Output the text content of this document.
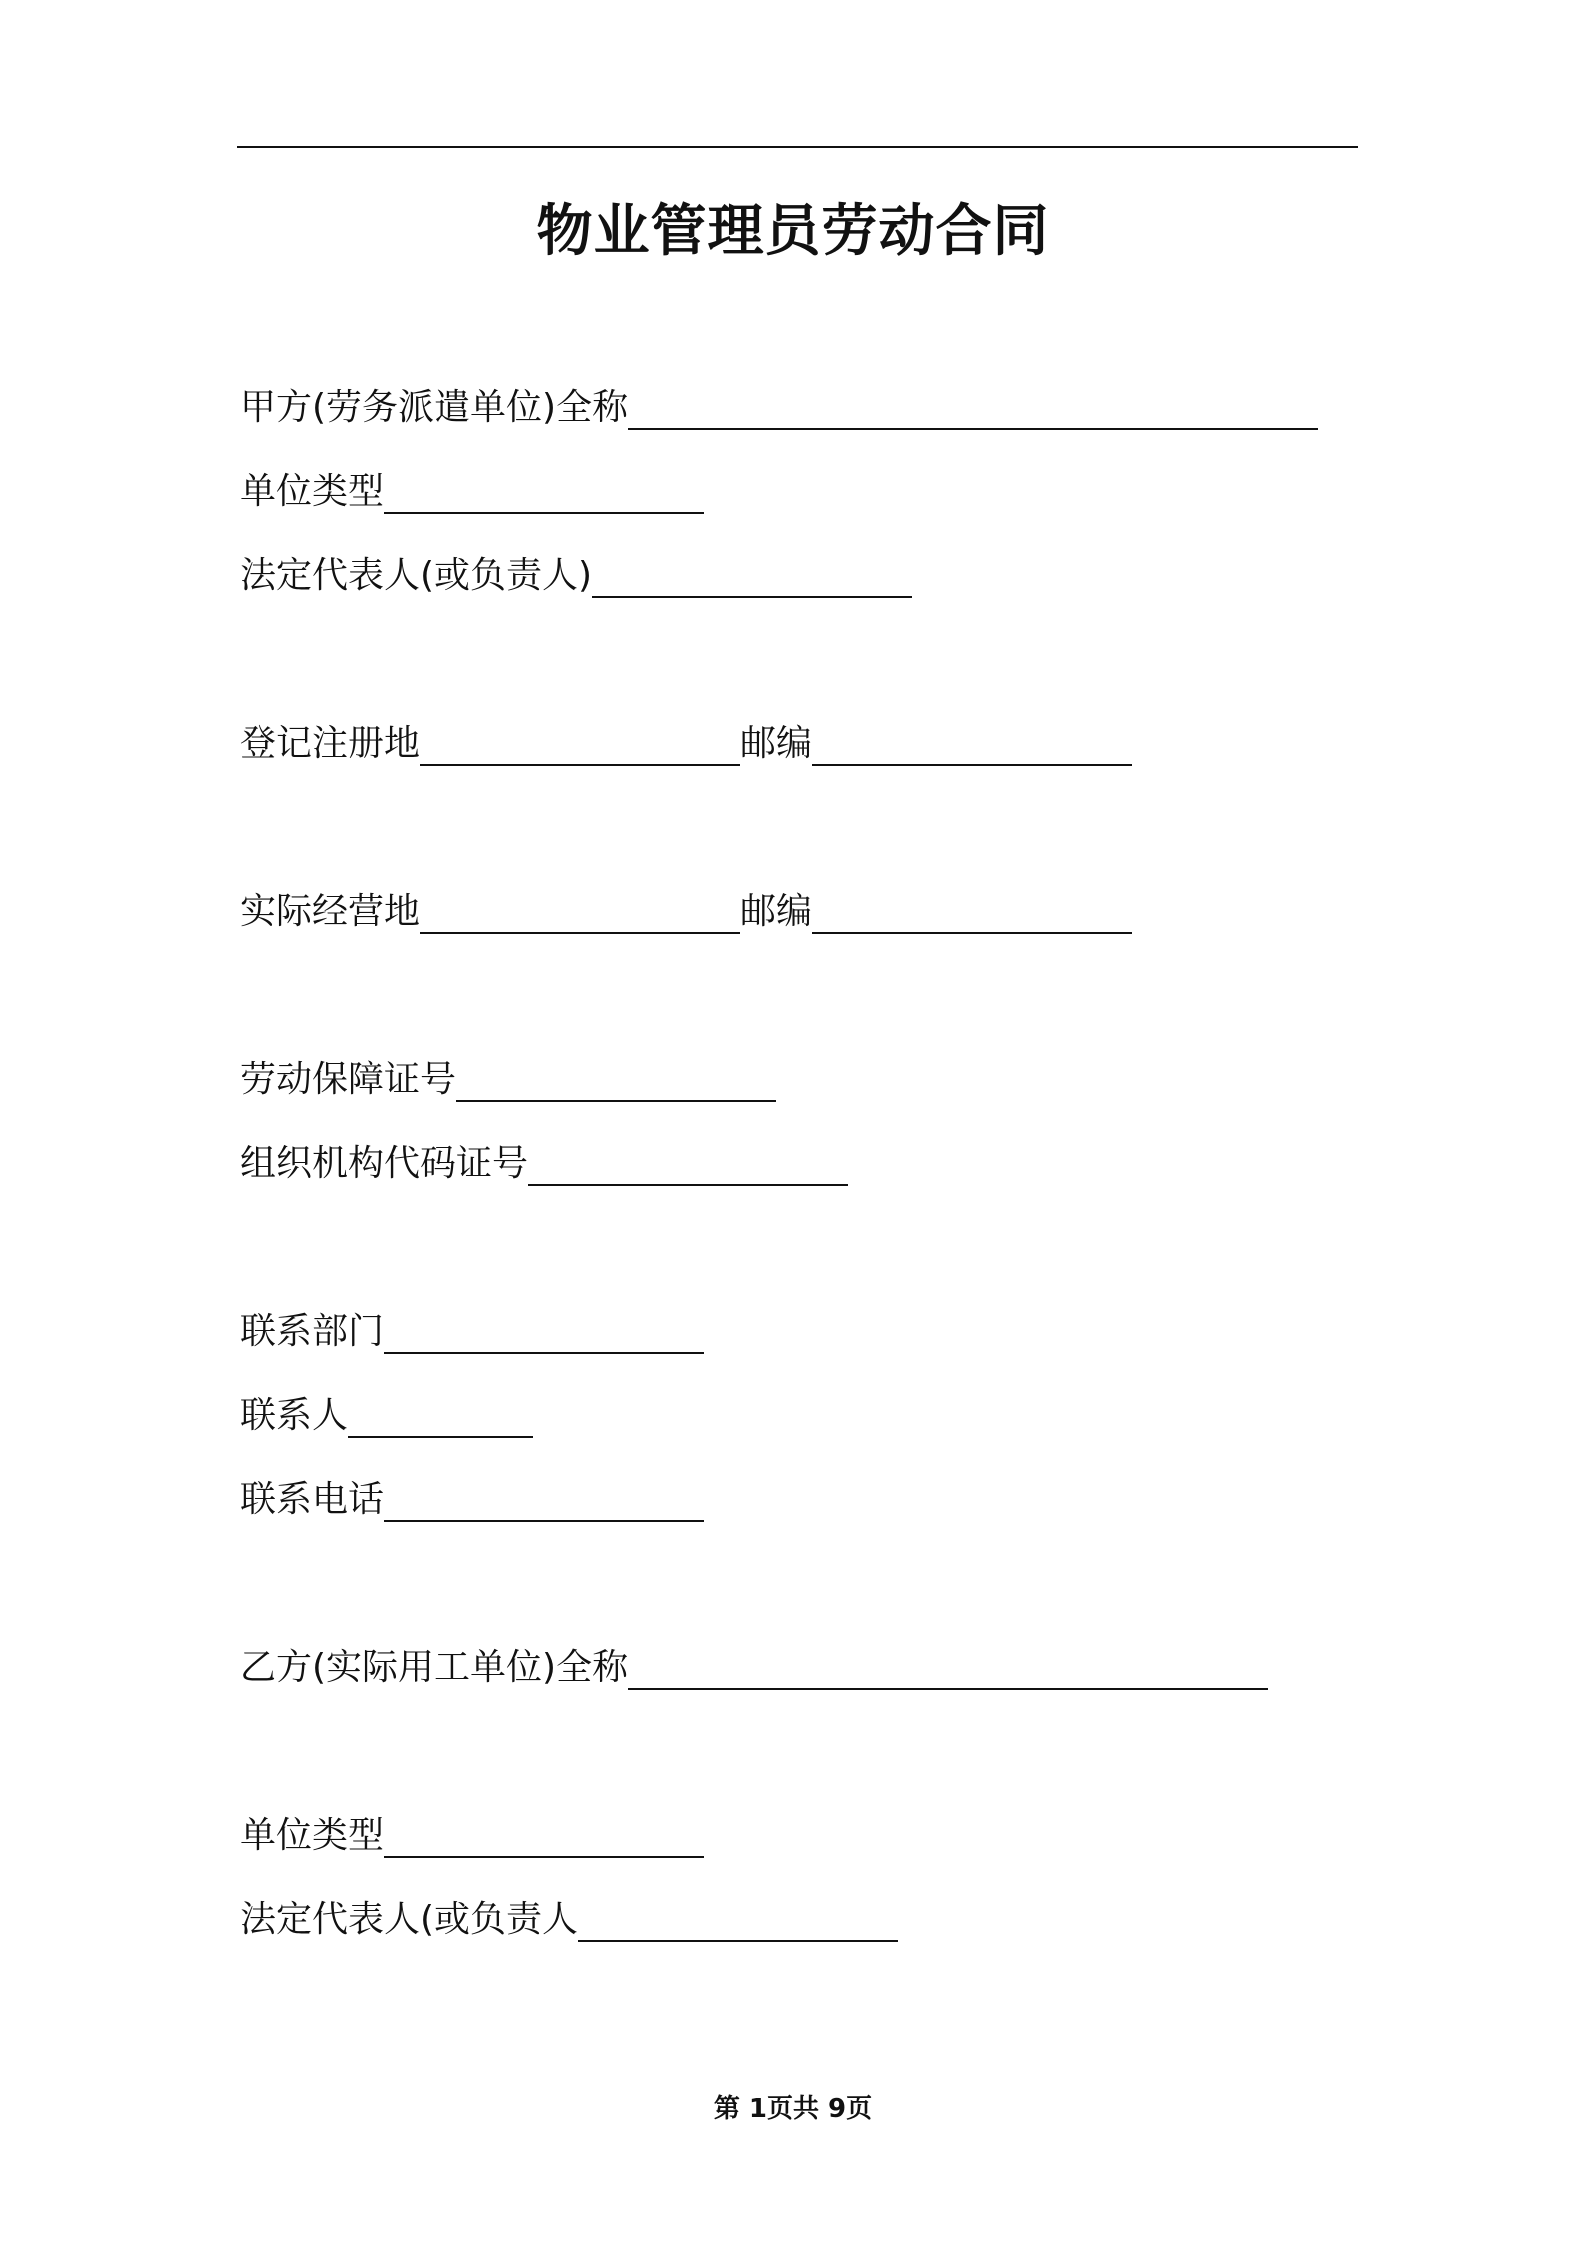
物业管理员劳动合同
甲方(劳务派遣单位)全称
单位类型
法定代表人(或负责人)
登记注册地	邮编
实际经营地	邮编
劳动保障证号
组织机构代码证号
联系部门
联系人
联系电话
乙方(实际用工单位)全称
单位类型
法定代表人(或负责人
第 1页共 9页
